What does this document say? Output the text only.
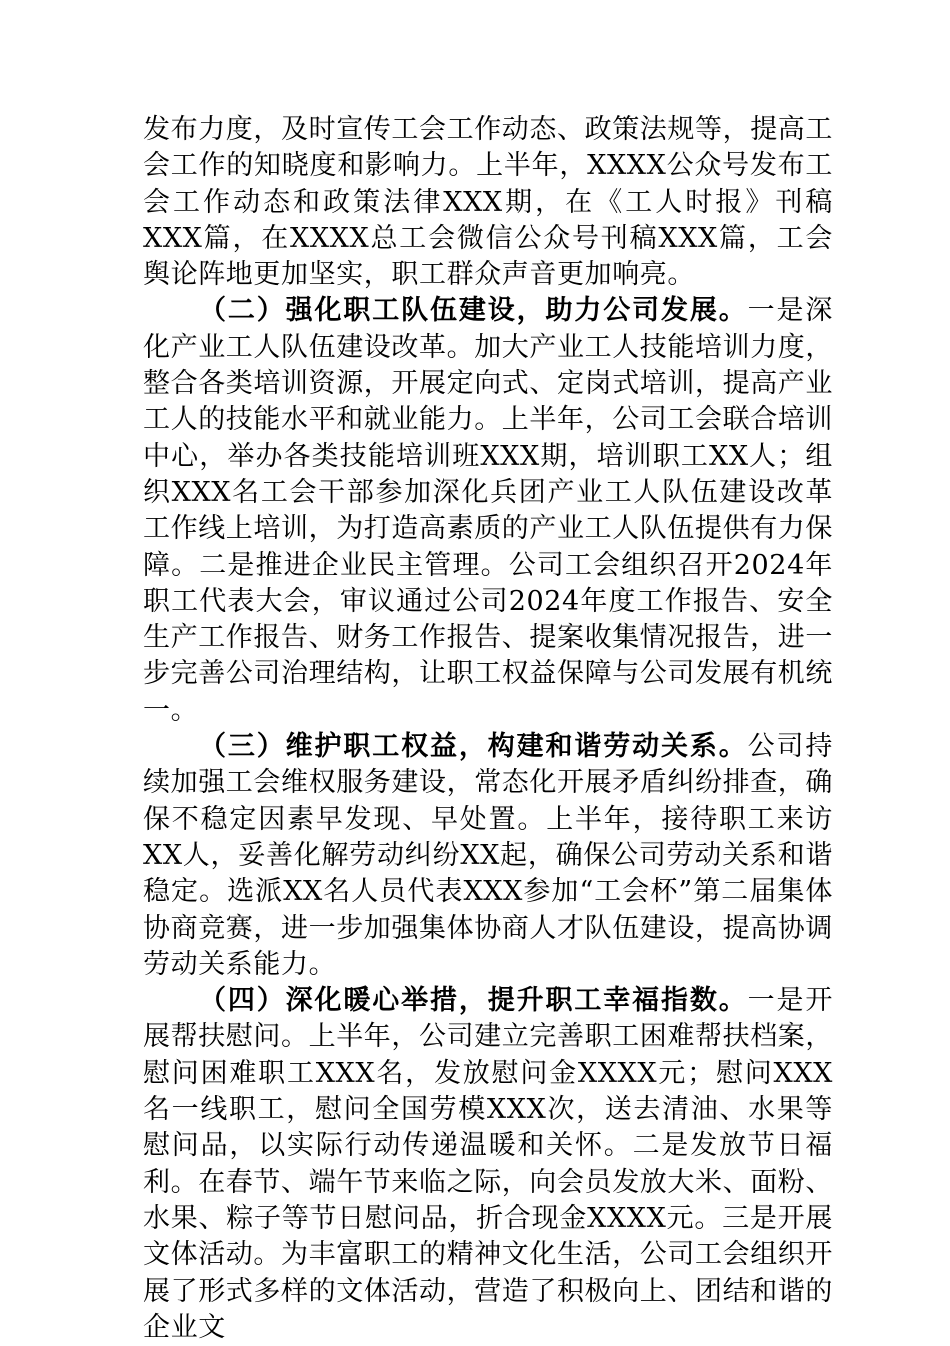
发布力度，及时宣传工会工作动态、政策法规等，提高工会工作的知晓度和影响力。上半年，XXXX公众号发布工会工作动态和政策法律XXX期，在《工人时报》刊稿XXX篇，在XXXX总工会微信公众号刊稿XXX篇，工会舆论阵地更加坚实，职工群众声音更加响亮。

（二）强化职工队伍建设，助力公司发展。一是深化产业工人队伍建设改革。加大产业工人技能培训力度，整合各类培训资源，开展定向式、定岗式培训，提高产业工人的技能水平和就业能力。上半年，公司工会联合培训中心，举办各类技能培训班XXX期，培训职工XX人；组织XXX名工会干部参加深化兵团产业工人队伍建设改革工作线上培训，为打造高素质的产业工人队伍提供有力保障。二是推进企业民主管理。公司工会组织召开2024年职工代表大会，审议通过公司2024年度工作报告、安全生产工作报告、财务工作报告、提案收集情况报告，进一步完善公司治理结构，让职工权益保障与公司发展有机统一。

（三）维护职工权益，构建和谐劳动关系。公司持续加强工会维权服务建设，常态化开展矛盾纠纷排查，确保不稳定因素早发现、早处置。上半年，接待职工来访XX人，妥善化解劳动纠纷XX起，确保公司劳动关系和谐稳定。选派XX名人员代表XXX参加“工会杯”第二届集体协商竞赛，进一步加强集体协商人才队伍建设，提高协调劳动关系能力。

（四）深化暖心举措，提升职工幸福指数。一是开展帮扶慰问。上半年，公司建立完善职工困难帮扶档案，慰问困难职工XXX名，发放慰问金XXXX元；慰问XXX名一线职工，慰问全国劳模XXX次，送去清油、水果等慰问品，以实际行动传递温暖和关怀。二是发放节日福利。在春节、端午节来临之际，向会员发放大米、面粉、水果、粽子等节日慰问品，折合现金XXXX元。三是开展文体活动。为丰富职工的精神文化生活，公司工会组织开展了形式多样的文体活动，营造了积极向上、团结和谐的企业文
